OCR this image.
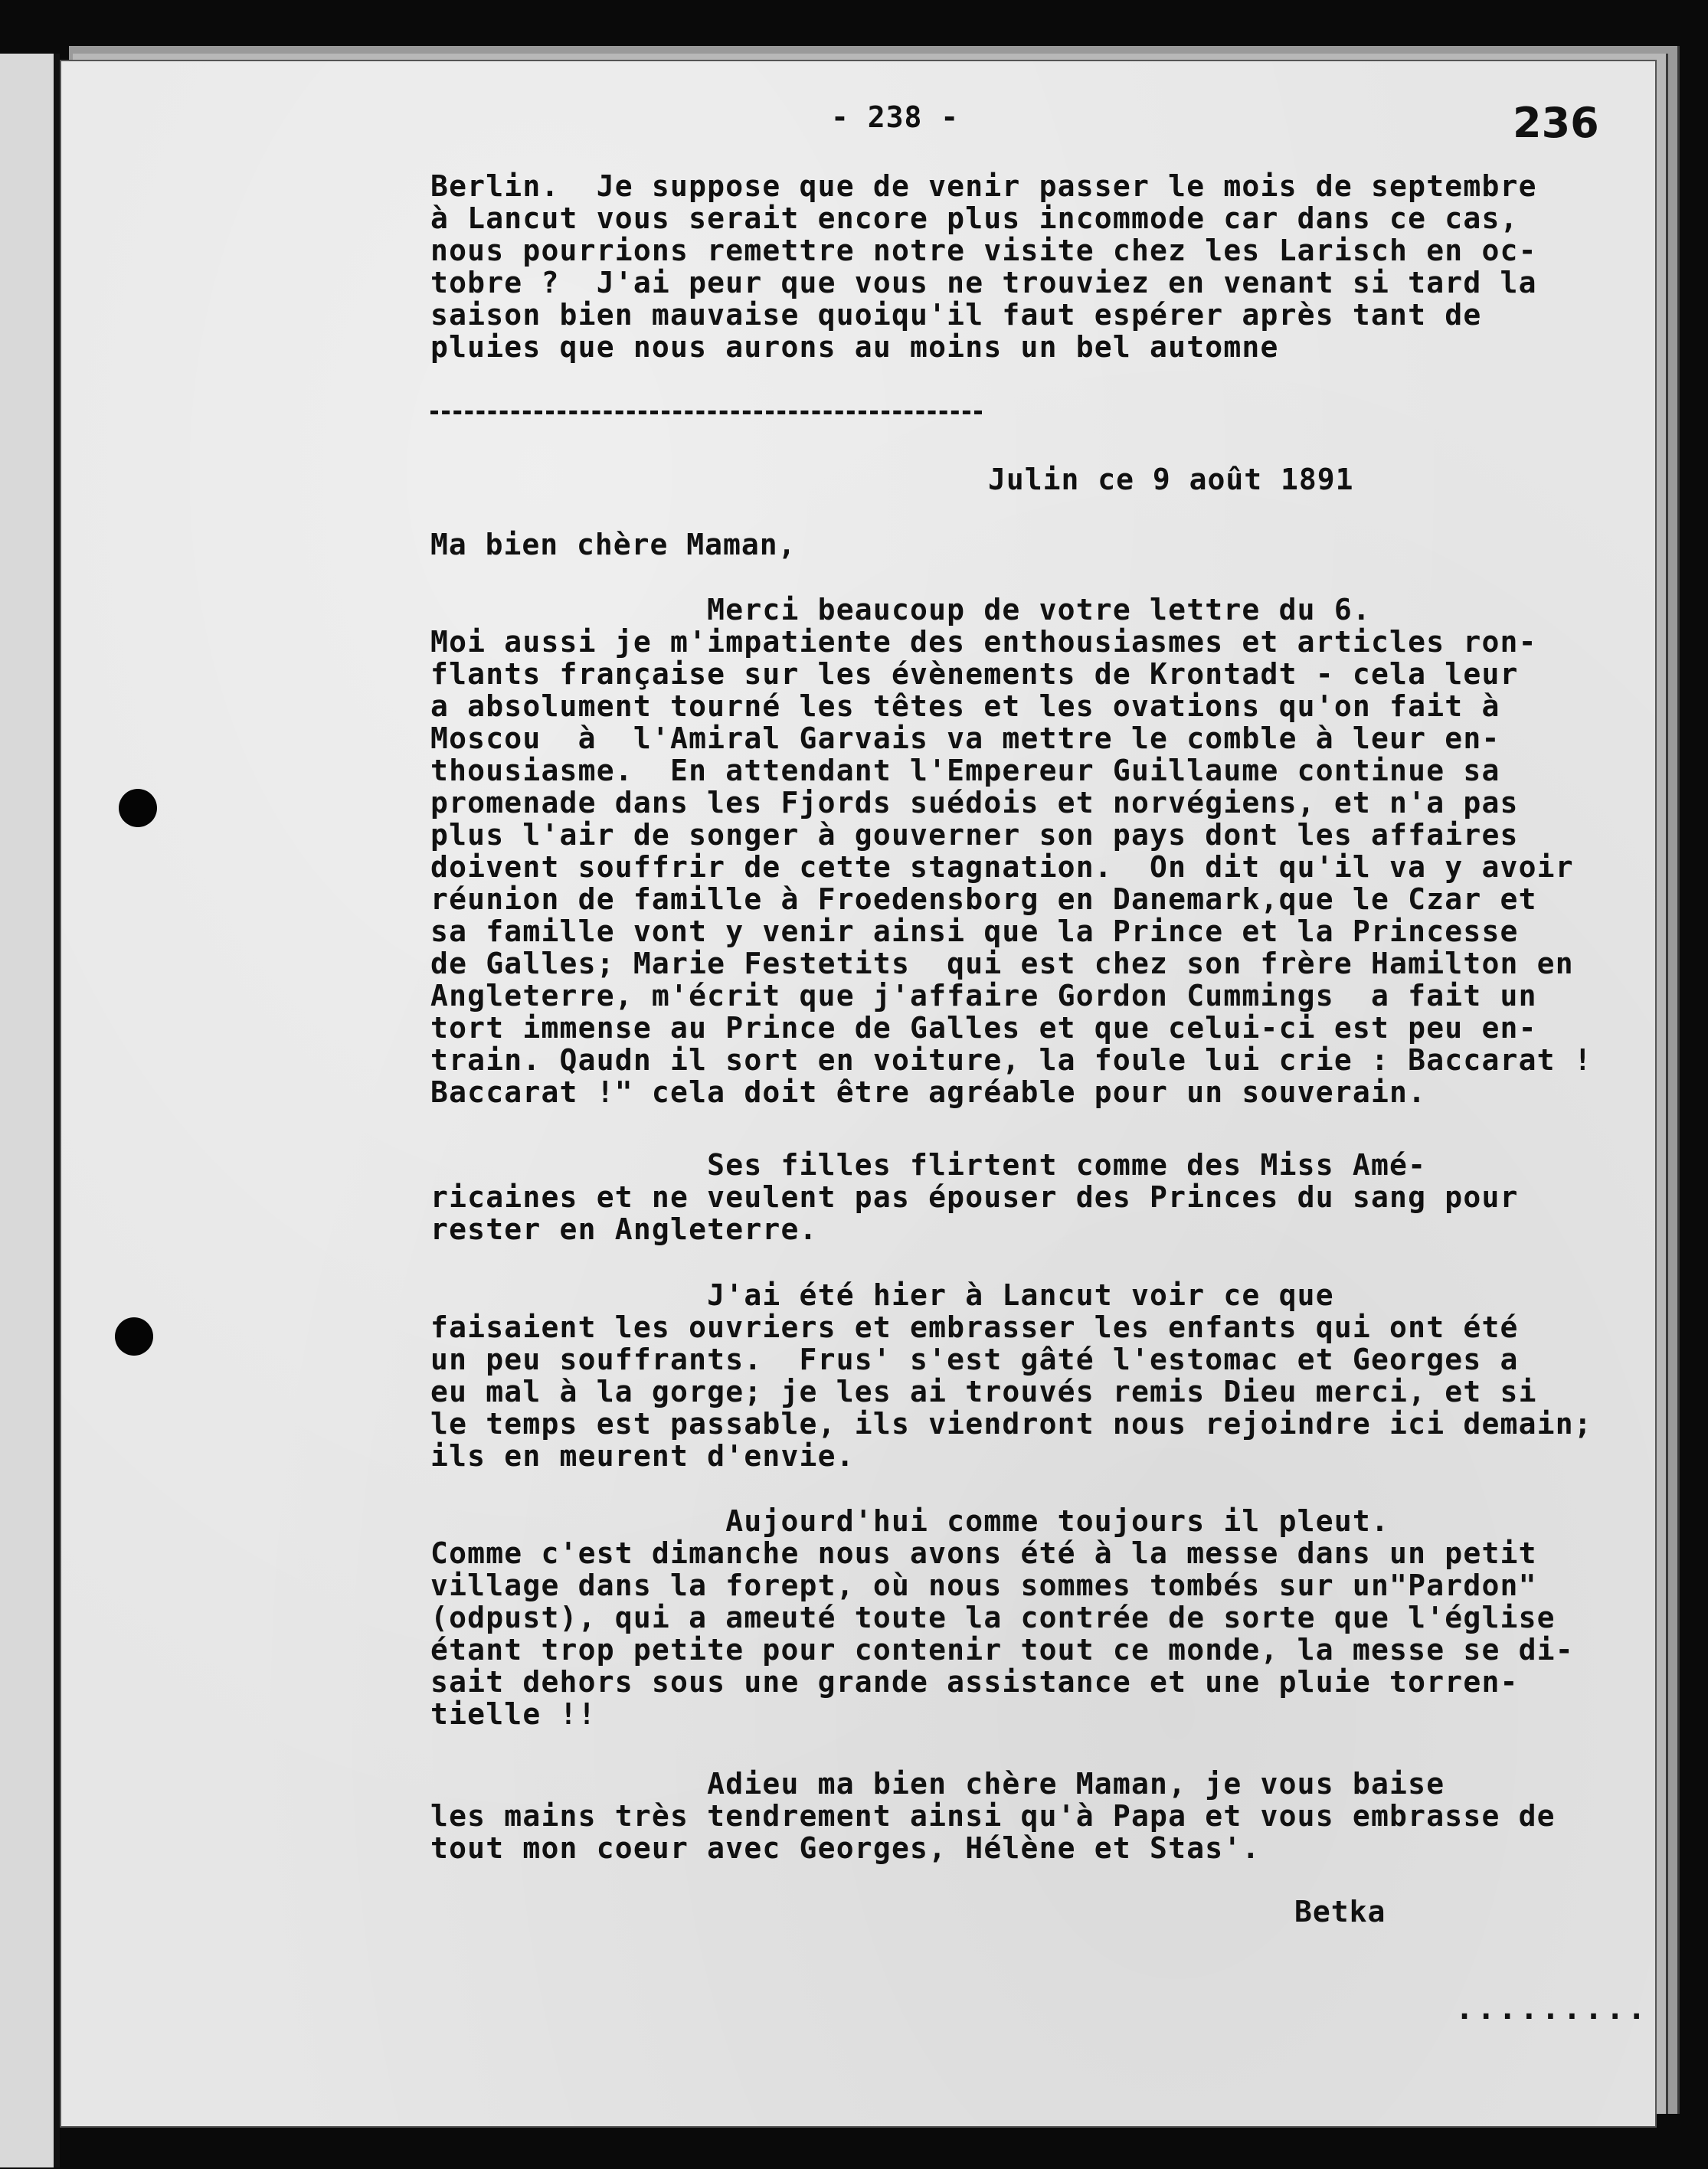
- 238 -	236
Berlin.  Je suppose que de venir passer le mois de septembre
à Lancut vous serait encore plus incommode car dans ce cas,
nous pourrions remettre notre visite chez les Larisch en oc-
tobre ?  J'ai peur que vous ne trouviez en venant si tard la
saison bien mauvaise quoiqu'il faut espérer après tant de
pluies que nous aurons au moins un bel automne
Julin ce 9 août 1891
Ma bien chère Maman,
Merci beaucoup de votre lettre du 6.
Moi aussi je m'impatiente des enthousiasmes et articles ron-
flants française sur les évènements de Krontadt - cela leur
a absolument tourné les têtes et les ovations qu'on fait à
Moscou  à  l'Amiral Garvais va mettre le comble à leur en-
thousiasme.  En attendant l'Empereur Guillaume continue sa
promenade dans les Fjords suédois et norvégiens, et n'a pas
plus l'air de songer à gouverner son pays dont les affaires
doivent souffrir de cette stagnation.  On dit qu'il va y avoir
réunion de famille à Froedensborg en Danemark,que le Czar et
sa famille vont y venir ainsi que la Prince et la Princesse
de Galles; Marie Festetits  qui est chez son frère Hamilton en
Angleterre, m'écrit que j'affaire Gordon Cummings  a fait un
tort immense au Prince de Galles et que celui-ci est peu en-
train. Qaudn il sort en voiture, la foule lui crie : Baccarat !
Baccarat !" cela doit être agréable pour un souverain.
Ses filles flirtent comme des Miss Amé-
ricaines et ne veulent pas épouser des Princes du sang pour
rester en Angleterre.
J'ai été hier à Lancut voir ce que
faisaient les ouvriers et embrasser les enfants qui ont été
un peu souffrants.  Frus' s'est gâté l'estomac et Georges a
eu mal à la gorge; je les ai trouvés remis Dieu merci, et si
le temps est passable, ils viendront nous rejoindre ici demain;
ils en meurent d'envie.
Aujourd'hui comme toujours il pleut.
Comme c'est dimanche nous avons été à la messe dans un petit
village dans la forept, où nous sommes tombés sur un"Pardon"
(odpust), qui a ameuté toute la contrée de sorte que l'église
étant trop petite pour contenir tout ce monde, la messe se di-
sait dehors sous une grande assistance et une pluie torren-
tielle !!
Adieu ma bien chère Maman, je vous baise
les mains très tendrement ainsi qu'à Papa et vous embrasse de
tout mon coeur avec Georges, Hélène et Stas'.
Betka
.........
